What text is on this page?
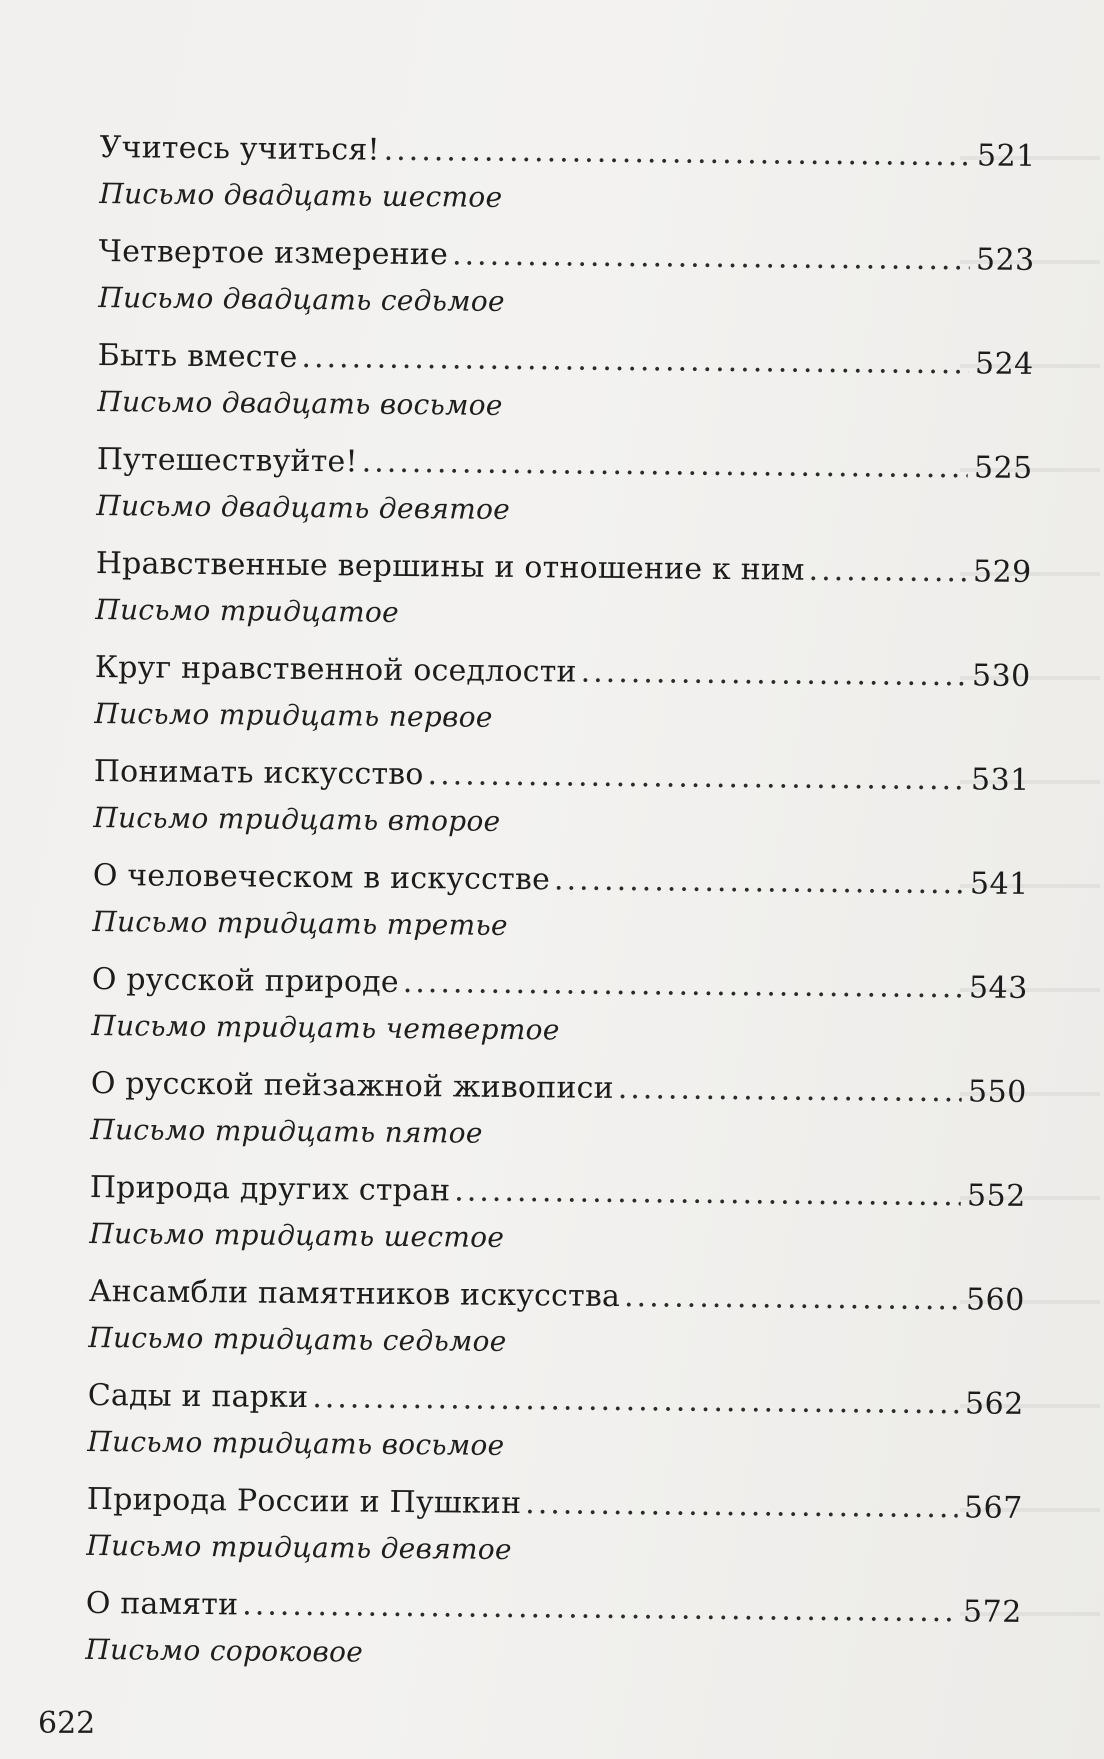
Учитесь учиться! .....	521
Письмо двадцать шестое
Четвертое измерение .....	523
Письмо двадцать седьмое
Быть вместе .....	524
Письмо двадцать восьмое
Путешествуйте! .....	525
Письмо двадцать девятое
Нравственные вершины и отношение к ним .....	529
Письмо тридцатое
Круг нравственной оседлости .....	530
Письмо тридцать первое
Понимать искусство .....	531
Письмо тридцать второе
О человеческом в искусстве .....	541
Письмо тридцать третье
О русской природе .....	543
Письмо тридцать четвертое
О русской пейзажной живописи .....	550
Письмо тридцать пятое
Природа других стран .....	552
Письмо тридцать шестое
Ансамбли памятников искусства .....	560
Письмо тридцать седьмое
Сады и парки .....	562
Письмо тридцать восьмое
Природа России и Пушкин .....	567
Письмо тридцать девятое
О памяти .....	572
Письмо сороковое
622
